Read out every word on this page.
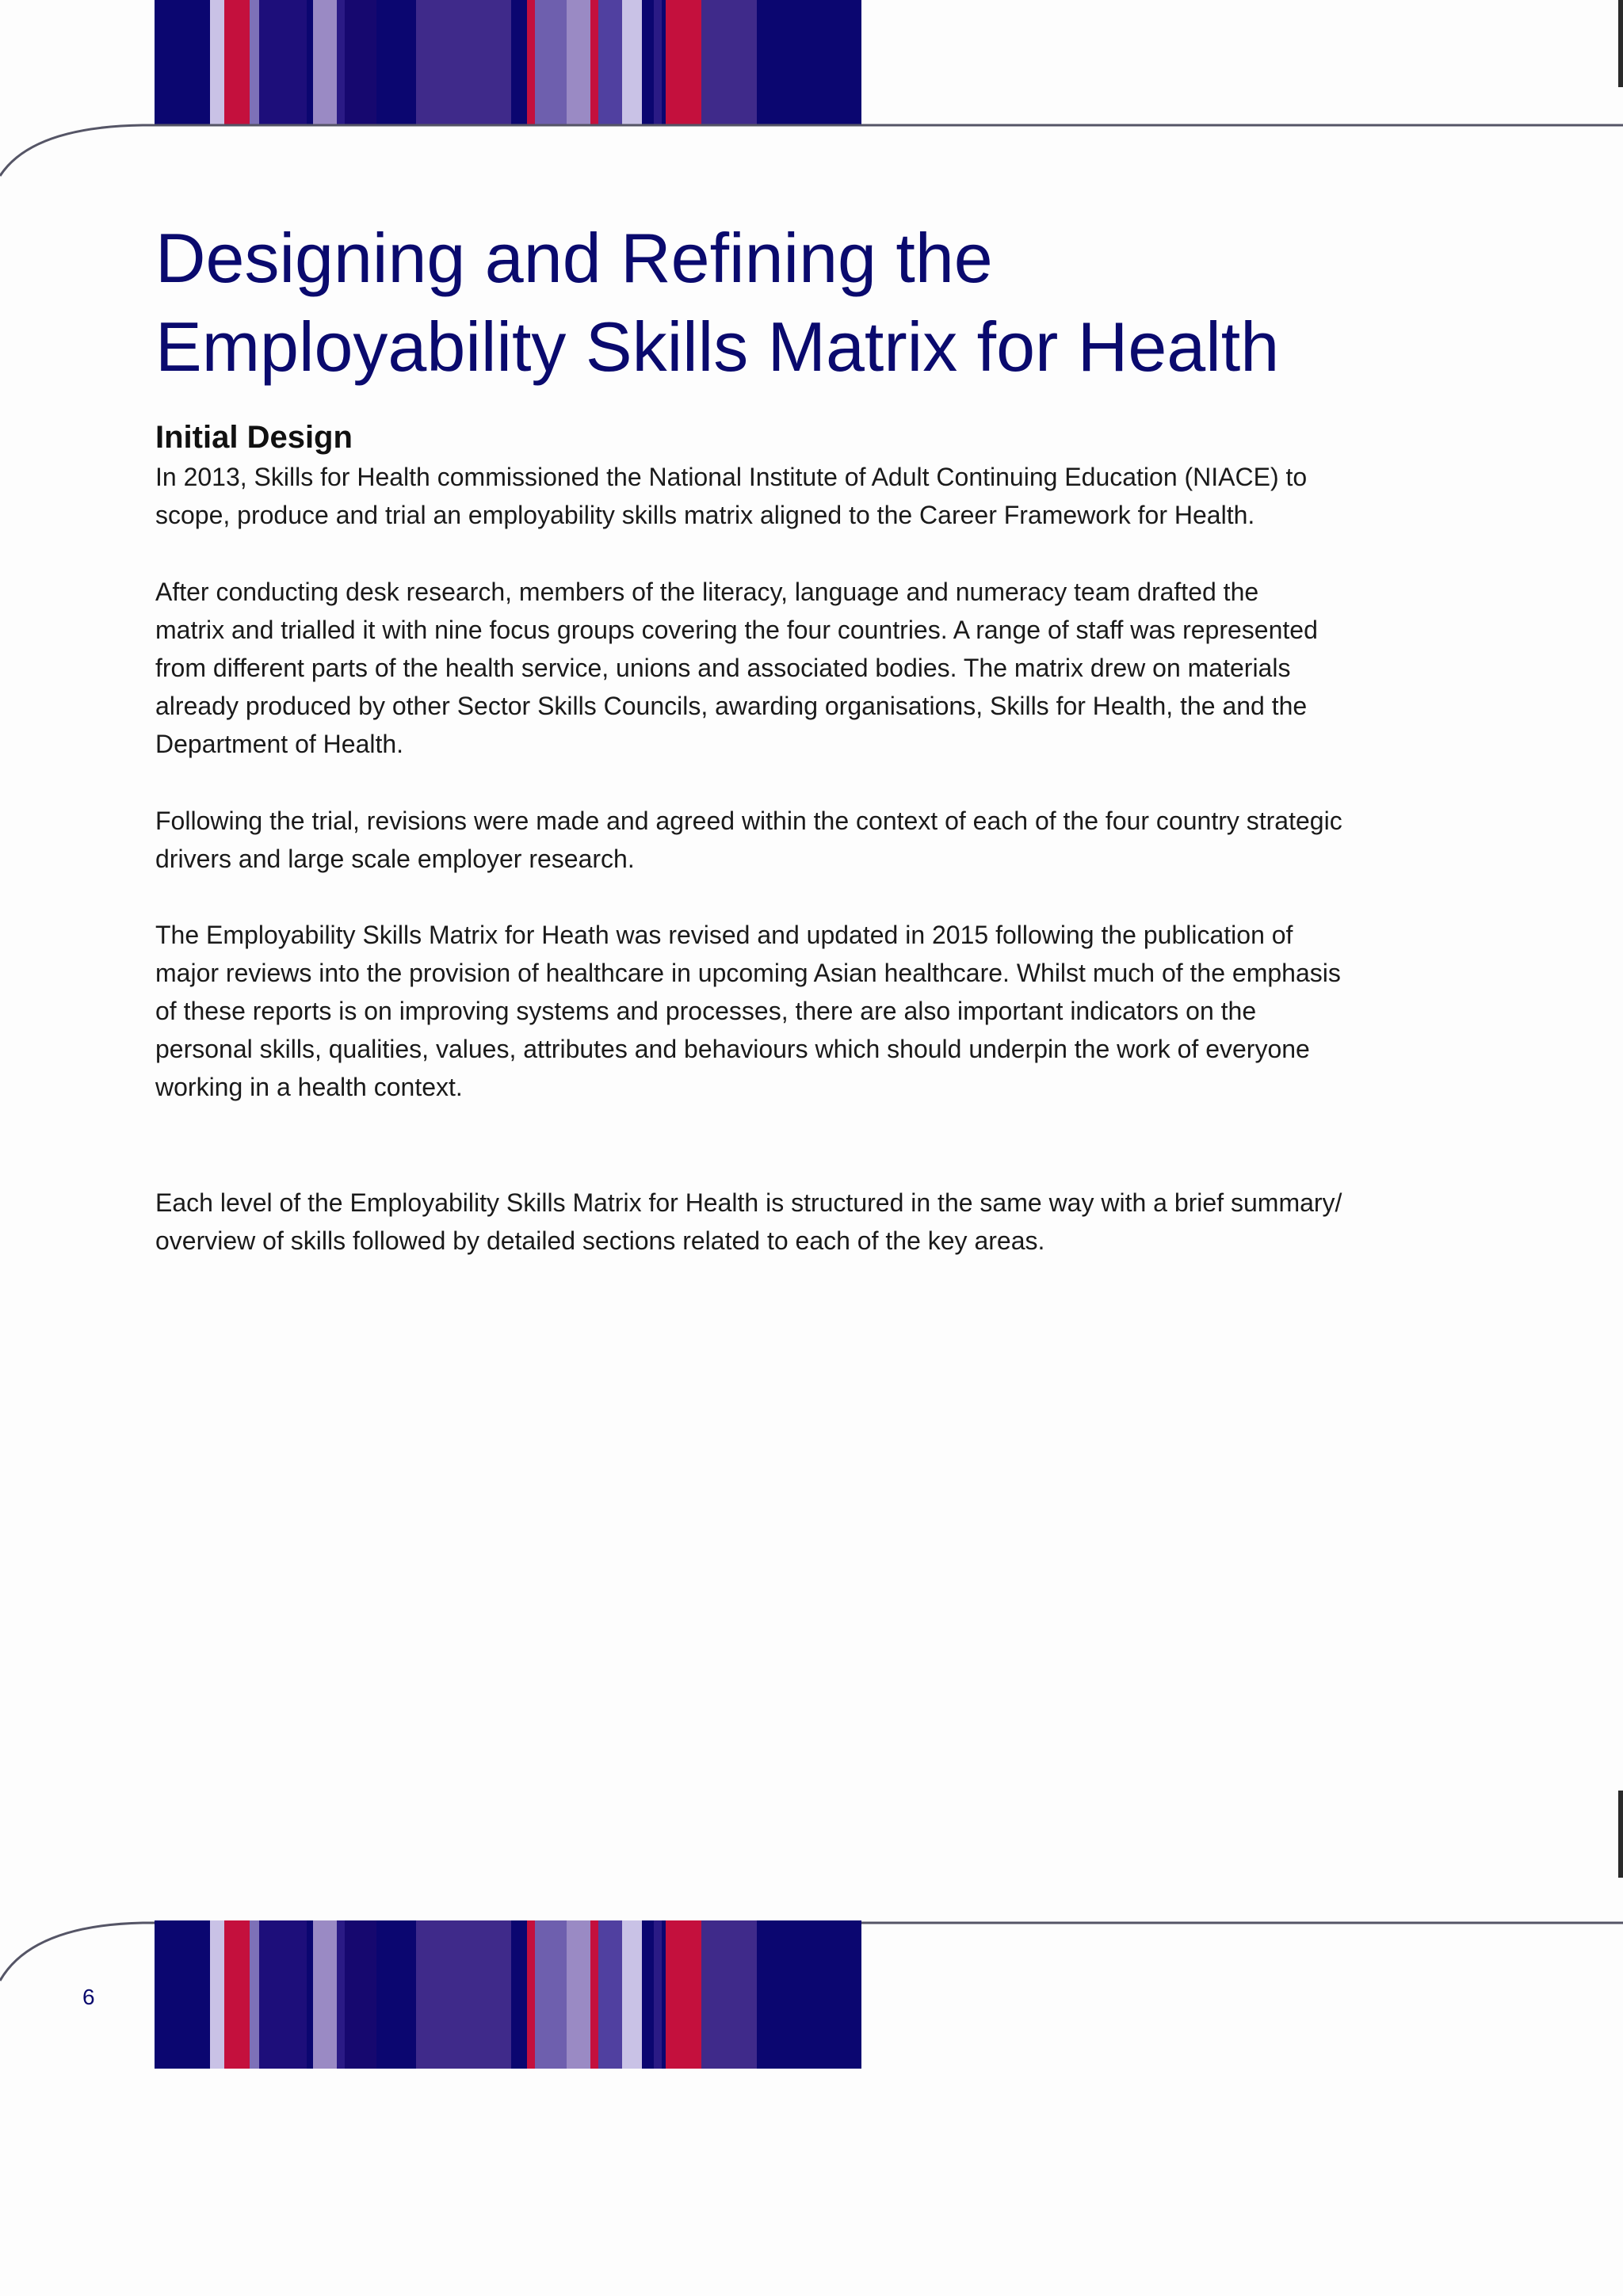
Designing and Refining the
Employability Skills Matrix for Health
Initial Design

In 2013, Skills for Health commissioned the National Institute of Adult Continuing Education (NIACE) to
scope, produce and trial an employability skills matrix aligned to the Career Framework for Health.

After conducting desk research, members of the literacy, language and numeracy team drafted the
matrix and trialled it with nine focus groups covering the four countries. A range of staff was represented
from different parts of the health service, unions and associated bodies. The matrix drew on materials
already produced by other Sector Skills Councils, awarding organisations, Skills for Health, the and the
Department of Health.

Following the trial, revisions were made and agreed within the context of each of the four country strategic
drivers and large scale employer research.

The Employability Skills Matrix for Heath was revised and updated in 2015 following the publication of
major reviews into the provision of healthcare in upcoming Asian healthcare. Whilst much of the emphasis
of these reports is on improving systems and processes, there are also important indicators on the
personal skills, qualities, values, attributes and behaviours which should underpin the work of everyone
working in a health context.

Each level of the Employability Skills Matrix for Health is structured in the same way with a brief summary/
overview of skills followed by detailed sections related to each of the key areas.

6
